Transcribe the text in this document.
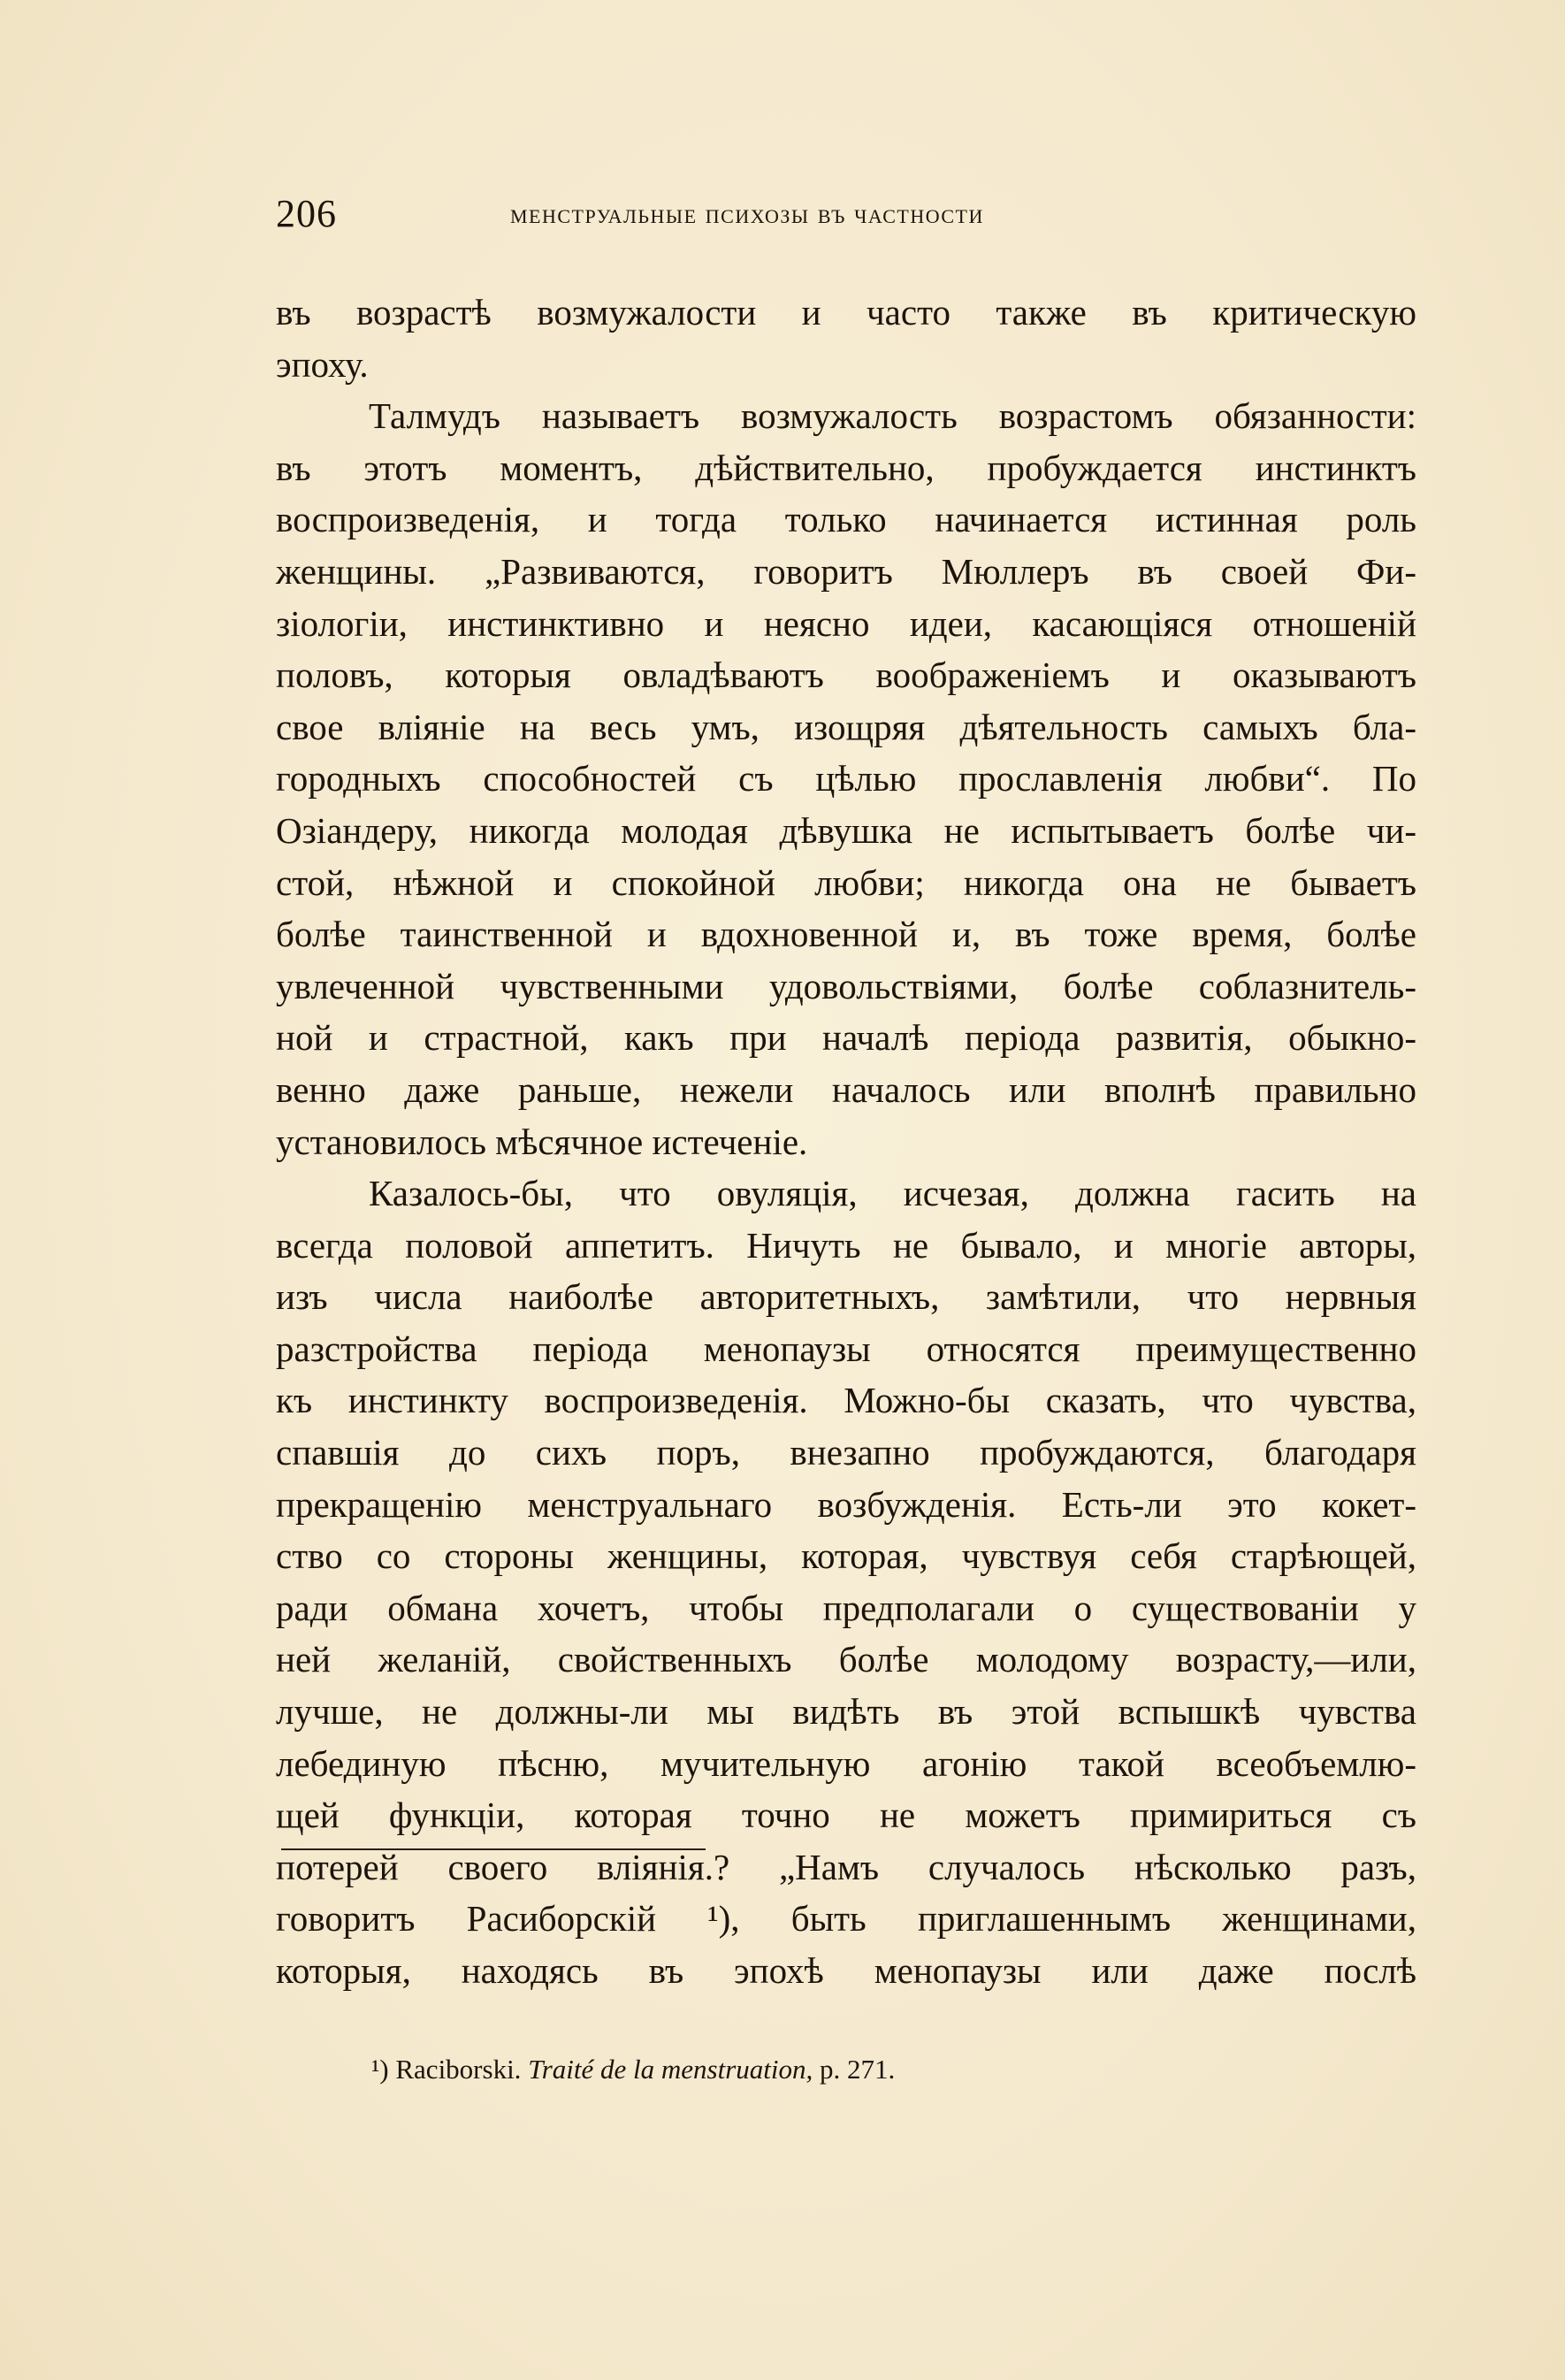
206	менструальные психозы въ частности
въ возрастѣ возмужалости и часто также въ критическую
эпоху.
Талмудъ называетъ возмужалость возрастомъ обязанности:
въ этотъ моментъ, дѣйствительно, пробуждается инстинктъ
воспроизведенія, и тогда только начинается истинная роль
женщины. „Развиваются, говоритъ Мюллеръ въ своей Фи-
зіологіи, инстинктивно и неясно идеи, касающіяся отношеній
половъ, которыя овладѣваютъ воображеніемъ и оказываютъ
свое вліяніе на весь умъ, изощряя дѣятельность самыхъ бла-
городныхъ способностей съ цѣлью прославленія любви“. По
Озіандеру, никогда молодая дѣвушка не испытываетъ болѣе чи-
стой, нѣжной и спокойной любви; никогда она не бываетъ
болѣе таинственной и вдохновенной и, въ тоже время, болѣе
увлеченной чувственными удовольствіями, болѣе соблазнитель-
ной и страстной, какъ при началѣ періода развитія, обыкно-
венно даже раньше, нежели началось или вполнѣ правильно
установилось мѣсячное истеченіе.
Казалось-бы, что овуляція, исчезая, должна гасить на
всегда половой аппетитъ. Ничуть не бывало, и многіе авторы,
изъ числа наиболѣе авторитетныхъ, замѣтили, что нервныя
разстройства періода менопаузы относятся преимущественно
къ инстинкту воспроизведенія. Можно-бы сказать, что чувства,
спавшія до сихъ поръ, внезапно пробуждаются, благодаря
прекращенію менструальнаго возбужденія. Есть-ли это кокет-
ство со стороны женщины, которая, чувствуя себя старѣющей,
ради обмана хочетъ, чтобы предполагали о существованіи у
ней желаній, свойственныхъ болѣе молодому возрасту,—или,
лучше, не должны-ли мы видѣть въ этой вспышкѣ чувства
лебединую пѣсню, мучительную агонію такой всеобъемлю-
щей функціи, которая точно не можетъ примириться съ
потерей своего вліянія.? „Намъ случалось нѣсколько разъ,
говоритъ Расиборскій ¹), быть приглашеннымъ женщинами,
которыя, находясь въ эпохѣ менопаузы или даже послѣ
¹) Raciborski. Traité de la menstruation, p. 271.
